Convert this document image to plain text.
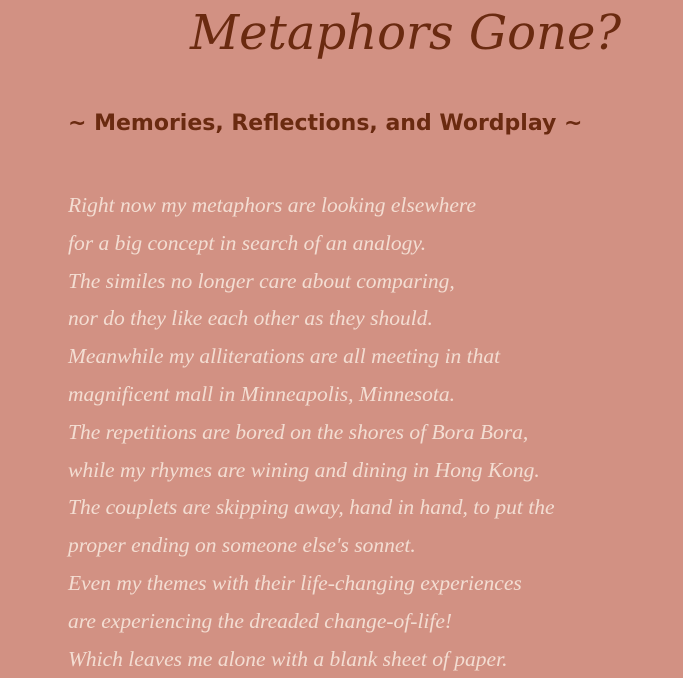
Metaphors Gone?
~ Memories, Reflections, and Wordplay ~
Right now my metaphors are looking elsewhere
for a big concept in search of an analogy.
The similes no longer care about comparing,
nor do they like each other as they should.
Meanwhile my alliterations are all meeting in that
magnificent mall in Minneapolis, Minnesota.
The repetitions are bored on the shores of Bora Bora,
while my rhymes are wining and dining in Hong Kong.
The couplets are skipping away, hand in hand, to put the
proper ending on someone else's sonnet.
Even my themes with their life-changing experiences
are experiencing the dreaded change-of-life!
Which leaves me alone with a blank sheet of paper.
